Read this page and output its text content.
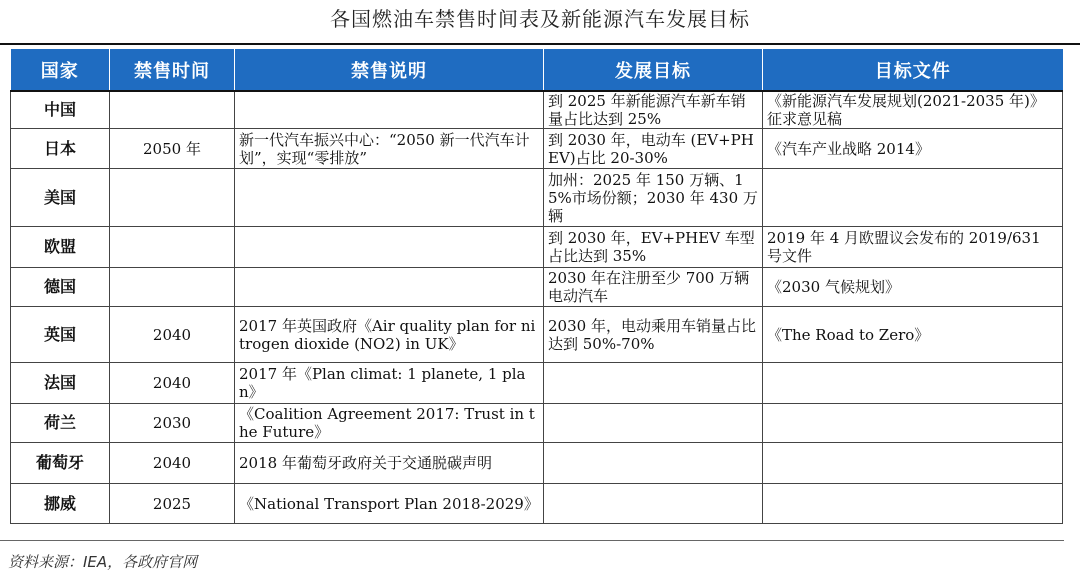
各国燃油车禁售时间表及新能源汽车发展目标
国家	禁售时间	禁售说明	发展目标	目标文件
中国			到 2025 年新能源汽车新车销量占比达到 25%	《新能源汽车发展规划(2021-2035 年)》征求意见稿
日本	2050 年	新一代汽车振兴中心：“2050 新一代汽车计划”，实现“零排放”	到 2030 年，电动车 (EV+PHEV)占比 20-30%	《汽车产业战略 2014》
美国			加州：2025 年 150 万辆、15%市场份额；2030 年 430 万辆	
欧盟			到 2030 年，EV+PHEV 车型占比达到 35%	2019 年 4 月欧盟议会发布的 2019/631 号文件
德国			2030 年在注册至少 700 万辆电动汽车	《2030 气候规划》
英国	2040	2017 年英国政府《Air quality plan for nitrogen dioxide (NO2) in UK》	2030 年，电动乘用车销量占比达到 50%-70%	《The Road to Zero》
法国	2040	2017 年《Plan climat: 1 planete, 1 plan》		
荷兰	2030	《Coalition Agreement 2017: Trust in the Future》		
葡萄牙	2040	2018 年葡萄牙政府关于交通脱碳声明		
挪威	2025	《National Transport Plan 2018-2029》		
资料来源：IEA，各政府官网
